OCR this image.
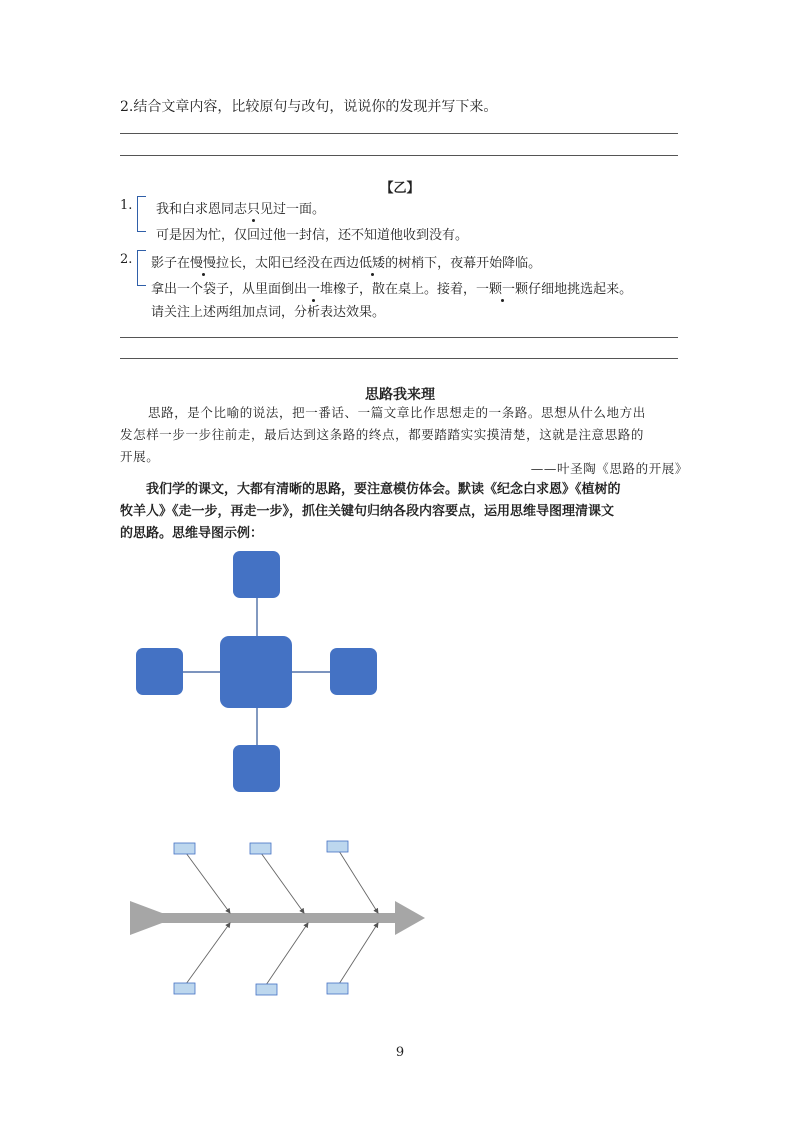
2.结合文章内容，比较原句与改句，说说你的发现并写下来。
【乙】
1. 我和白求恩同志只见过一面。
可是因为忙，仅回过他一封信，还不知道他收到没有。
2. 影子在慢慢拉长，太阳已经没在西边低矮的树梢下，夜幕开始降临。
拿出一个袋子，从里面倒出一堆橡子，散在桌上。接着，一颗一颗仔细地挑选起来。
请关注上述两组加点词，分析表达效果。
思路我来理
思路，是个比喻的说法，把一番话、一篇文章比作思想走的一条路。思想从什么地方出
发怎样一步一步往前走，最后达到这条路的终点，都要踏踏实实摸清楚，这就是注意思路的
开展。
——叶圣陶《思路的开展》
我们学的课文，大都有清晰的思路，要注意模仿体会。默读《纪念白求恩》《植树的
牧羊人》《走一步，再走一步》，抓住关键句归纳各段内容要点，运用思维导图理清课文
的思路。思维导图示例：
9
